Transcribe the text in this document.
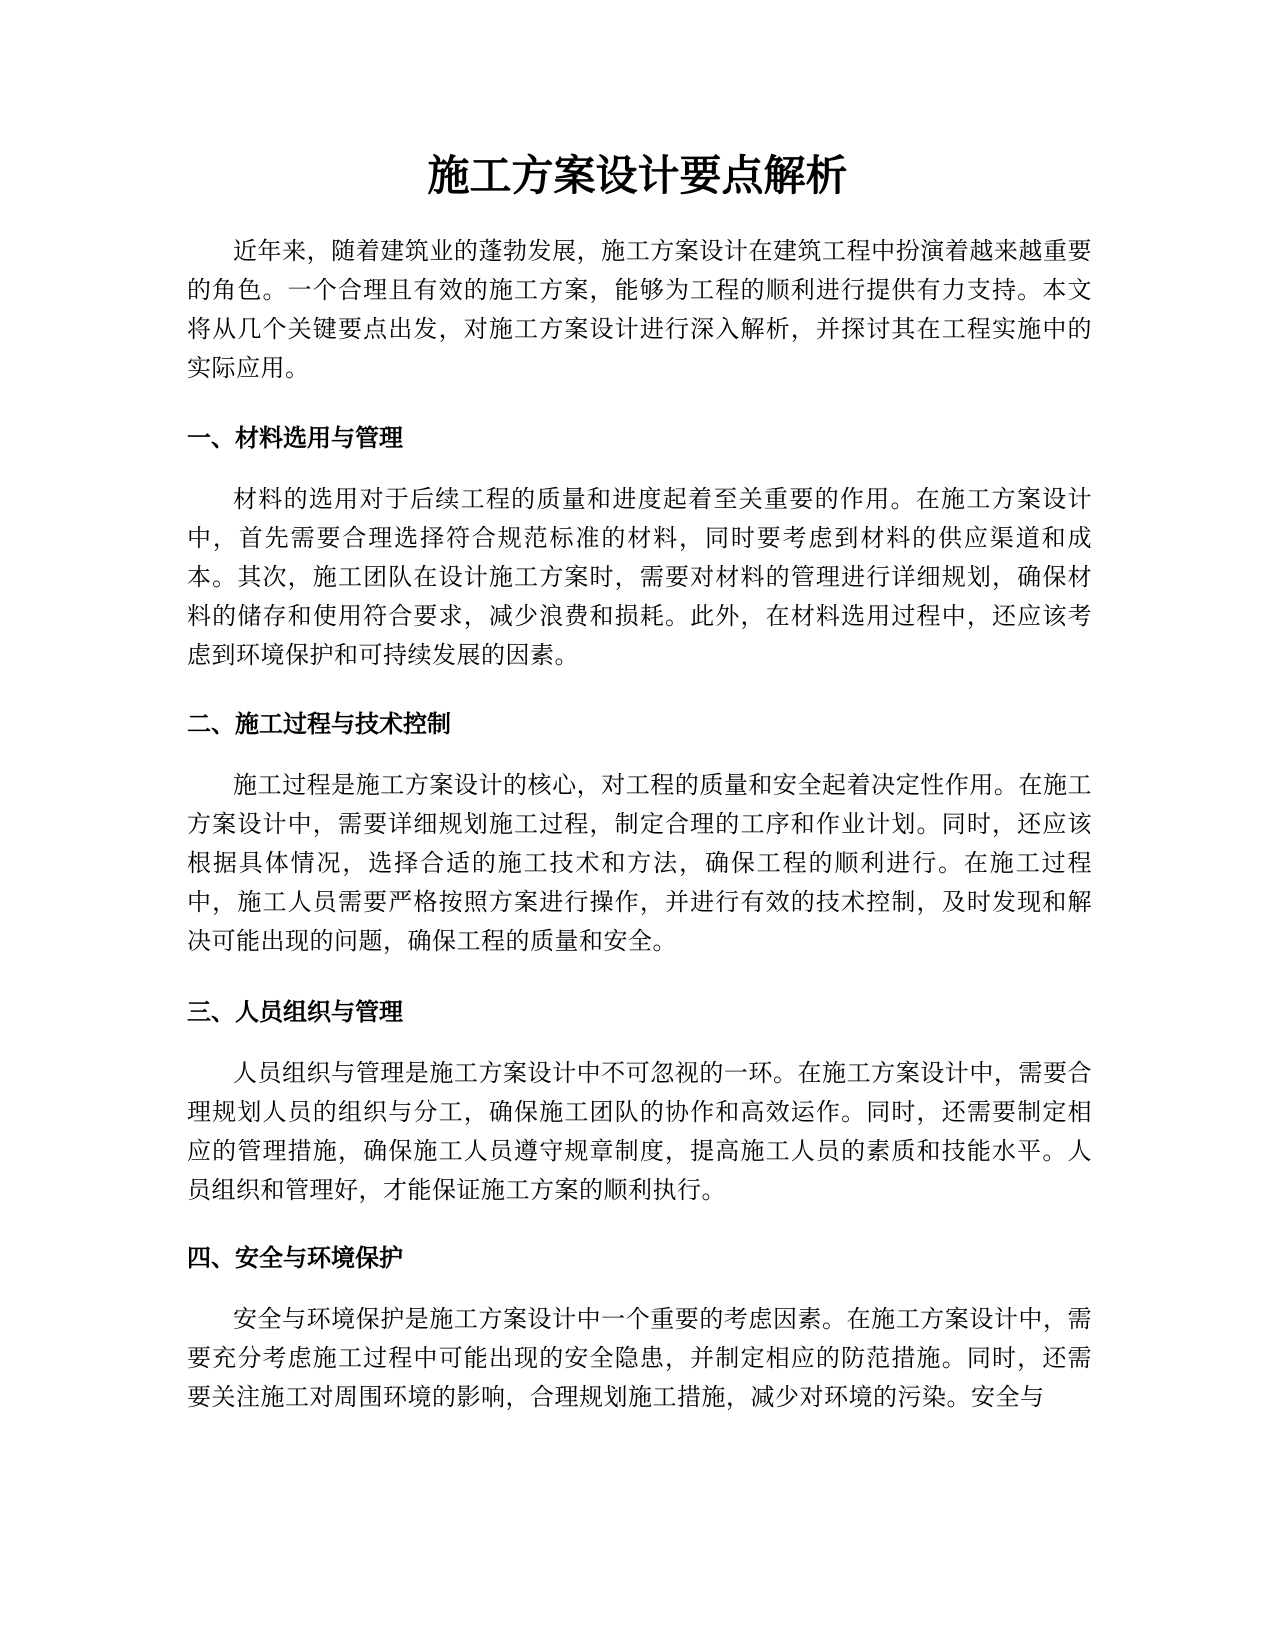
施工方案设计要点解析

近年来，随着建筑业的蓬勃发展，施工方案设计在建筑工程中扮演着越来越重要的角色。一个合理且有效的施工方案，能够为工程的顺利进行提供有力支持。本文将从几个关键要点出发，对施工方案设计进行深入解析，并探讨其在工程实施中的实际应用。

一、材料选用与管理

材料的选用对于后续工程的质量和进度起着至关重要的作用。在施工方案设计中，首先需要合理选择符合规范标准的材料，同时要考虑到材料的供应渠道和成本。其次，施工团队在设计施工方案时，需要对材料的管理进行详细规划，确保材料的储存和使用符合要求，减少浪费和损耗。此外，在材料选用过程中，还应该考虑到环境保护和可持续发展的因素。

二、施工过程与技术控制

施工过程是施工方案设计的核心，对工程的质量和安全起着决定性作用。在施工方案设计中，需要详细规划施工过程，制定合理的工序和作业计划。同时，还应该根据具体情况，选择合适的施工技术和方法，确保工程的顺利进行。在施工过程中，施工人员需要严格按照方案进行操作，并进行有效的技术控制，及时发现和解决可能出现的问题，确保工程的质量和安全。

三、人员组织与管理

人员组织与管理是施工方案设计中不可忽视的一环。在施工方案设计中，需要合理规划人员的组织与分工，确保施工团队的协作和高效运作。同时，还需要制定相应的管理措施，确保施工人员遵守规章制度，提高施工人员的素质和技能水平。人员组织和管理好，才能保证施工方案的顺利执行。

四、安全与环境保护

安全与环境保护是施工方案设计中一个重要的考虑因素。在施工方案设计中，需要充分考虑施工过程中可能出现的安全隐患，并制定相应的防范措施。同时，还需要关注施工对周围环境的影响，合理规划施工措施，减少对环境的污染。安全与
